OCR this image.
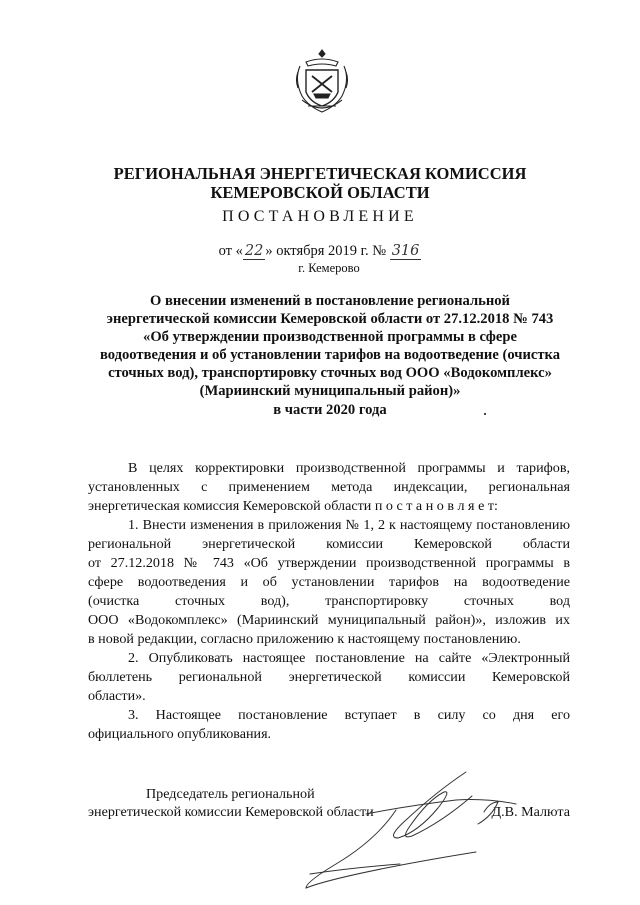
РЕГИОНАЛЬНАЯ ЭНЕРГЕТИЧЕСКАЯ КОМИССИЯ
КЕМЕРОВСКОЙ ОБЛАСТИ
ПОСТАНОВЛЕНИЕ
от « 22 » октября 2019 г. № 316
г. Кемерово
О внесении изменений в постановление региональной
энергетической комиссии Кемеровской области от 27.12.2018 № 743
«Об утверждении производственной программы в сфере
водоотведения и об установлении тарифов на водоотведение (очистка
сточных вод), транспортировку сточных вод ООО «Водокомплекс»
(Мариинский муниципальный район)»
в части 2020 года
В целях корректировки производственной программы и тарифов,
установленных с применением метода индексации, региональная
энергетическая комиссия Кемеровской области п о с т а н о в л я е т:
1. Внести изменения в приложения № 1, 2 к настоящему постановлению
региональной энергетической комиссии Кемеровской области
от 27.12.2018 № 743 «Об утверждении производственной программы в
сфере водоотведения и об установлении тарифов на водоотведение
(очистка сточных вод), транспортировку сточных вод
ООО «Водокомплекс» (Мариинский муниципальный район)», изложив их
в новой редакции, согласно приложению к настоящему постановлению.
2. Опубликовать настоящее постановление на сайте «Электронный
бюллетень региональной энергетической комиссии Кемеровской
области».
3. Настоящее постановление вступает в силу со дня его
официального опубликования.
Председатель региональной
энергетической комиссии Кемеровской области	Д.В. Малюта
